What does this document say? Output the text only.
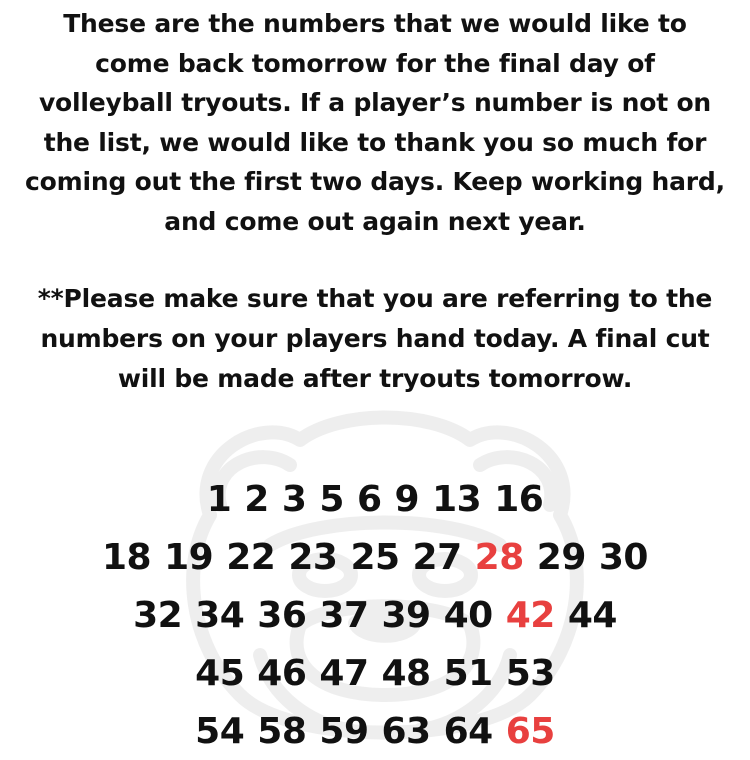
These are the numbers that we would like to come back tomorrow for the final day of volleyball tryouts. If a player’s number is not on the list, we would like to thank you so much for coming out the first two days. Keep working hard, and come out again next year.

**Please make sure that you are referring to the numbers on your players hand today. A final cut will be made after tryouts tomorrow.

1 2 3 5 6 9 13 16
18 19 22 23 25 27 28 29 30
32 34 36 37 39 40 42 44
45 46 47 48 51 53
54 58 59 63 64 65
